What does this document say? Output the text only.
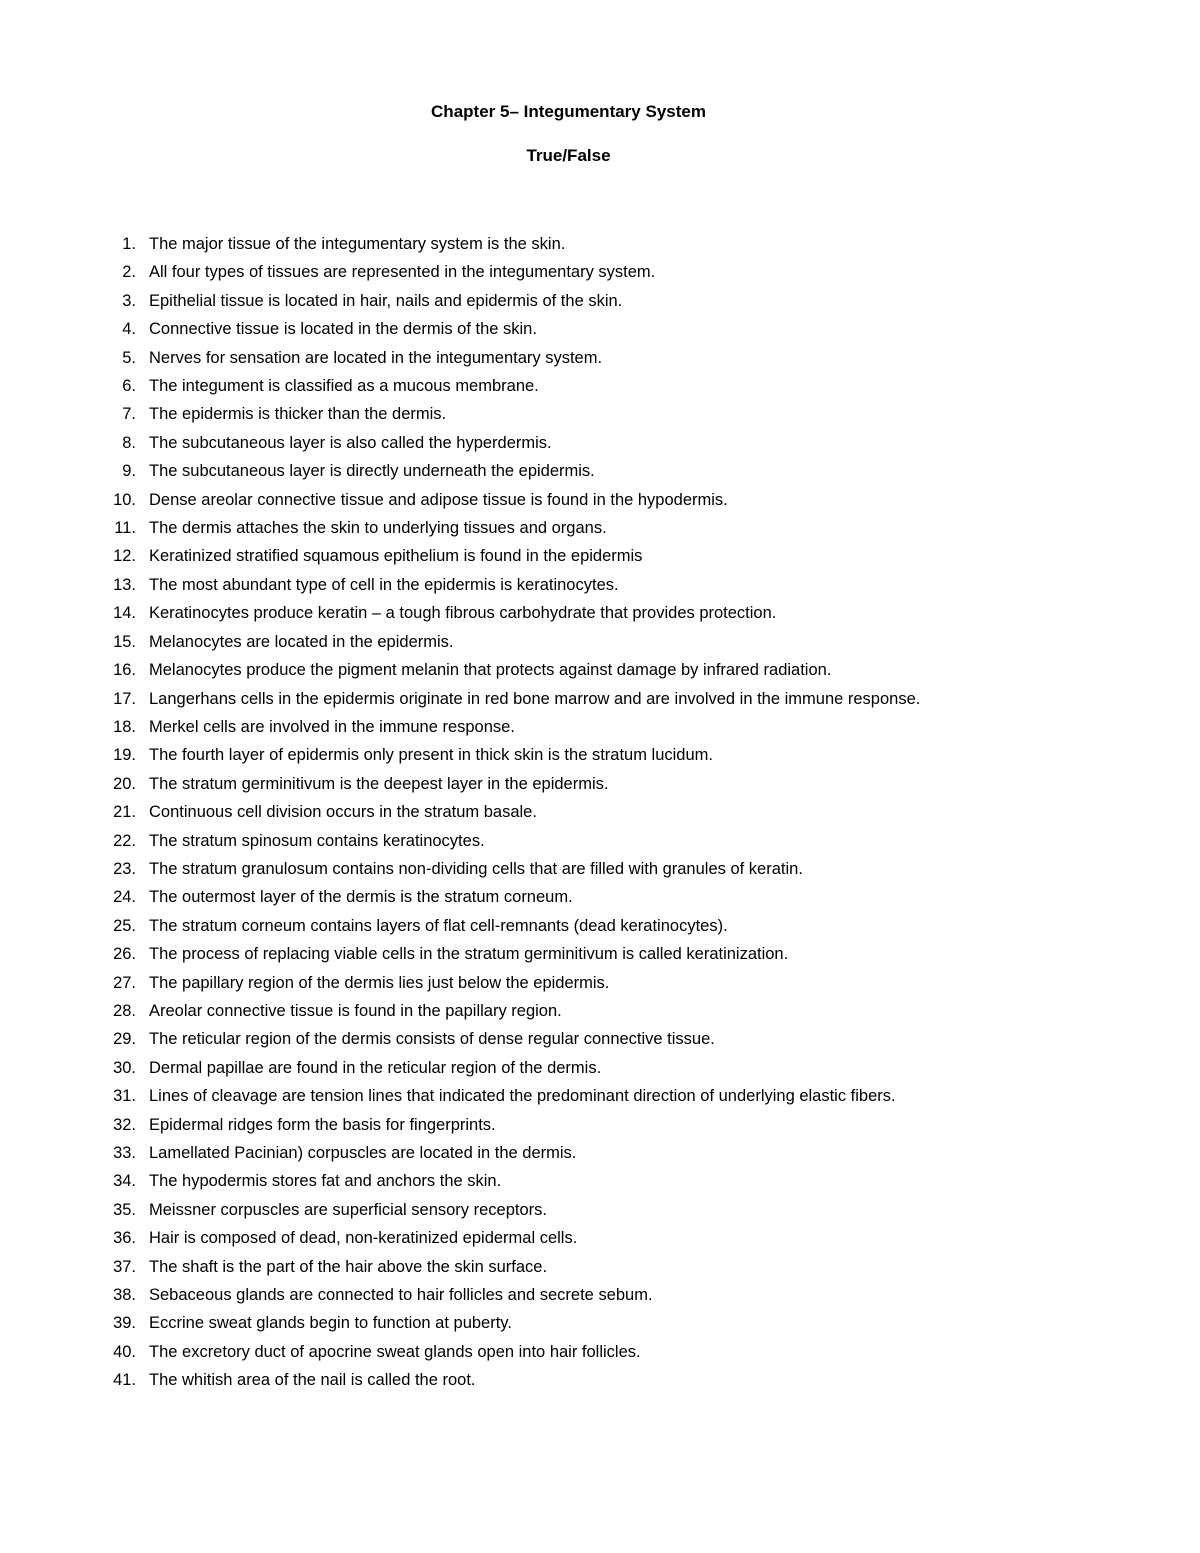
Chapter 5– Integumentary System
True/False
1. The major tissue of the integumentary system is the skin.
2. All four types of tissues are represented in the integumentary system.
3. Epithelial tissue is located in hair, nails and epidermis of the skin.
4. Connective tissue is located in the dermis of the skin.
5. Nerves for sensation are located in the integumentary system.
6. The integument is classified as a mucous membrane.
7. The epidermis is thicker than the dermis.
8. The subcutaneous layer is also called the hyperdermis.
9. The subcutaneous layer is directly underneath the epidermis.
10. Dense areolar connective tissue and adipose tissue is found in the hypodermis.
11. The dermis attaches the skin to underlying tissues and organs.
12. Keratinized stratified squamous epithelium is found in the epidermis
13. The most abundant type of cell in the epidermis is keratinocytes.
14. Keratinocytes produce keratin – a tough fibrous carbohydrate that provides protection.
15. Melanocytes are located in the epidermis.
16. Melanocytes produce the pigment melanin that protects against damage by infrared radiation.
17. Langerhans cells in the epidermis originate in red bone marrow and are involved in the immune response.
18. Merkel cells are involved in the immune response.
19. The fourth layer of epidermis only present in thick skin is the stratum lucidum.
20. The stratum germinitivum is the deepest layer in the epidermis.
21. Continuous cell division occurs in the stratum basale.
22. The stratum spinosum contains keratinocytes.
23. The stratum granulosum contains non-dividing cells that are filled with granules of keratin.
24. The outermost layer of the dermis is the stratum corneum.
25. The stratum corneum contains layers of flat cell-remnants (dead keratinocytes).
26. The process of replacing viable cells in the stratum germinitivum is called keratinization.
27. The papillary region of the dermis lies just below the epidermis.
28. Areolar connective tissue is found in the papillary region.
29. The reticular region of the dermis consists of dense regular connective tissue.
30. Dermal papillae are found in the reticular region of the dermis.
31. Lines of cleavage are tension lines that indicated the predominant direction of underlying elastic fibers.
32. Epidermal ridges form the basis for fingerprints.
33. Lamellated Pacinian) corpuscles are located in the dermis.
34. The hypodermis stores fat and anchors the skin.
35. Meissner corpuscles are superficial sensory receptors.
36. Hair is composed of dead, non-keratinized epidermal cells.
37. The shaft is the part of the hair above the skin surface.
38. Sebaceous glands are connected to hair follicles and secrete sebum.
39. Eccrine sweat glands begin to function at puberty.
40. The excretory duct of apocrine sweat glands open into hair follicles.
41. The whitish area of the nail is called the root.
